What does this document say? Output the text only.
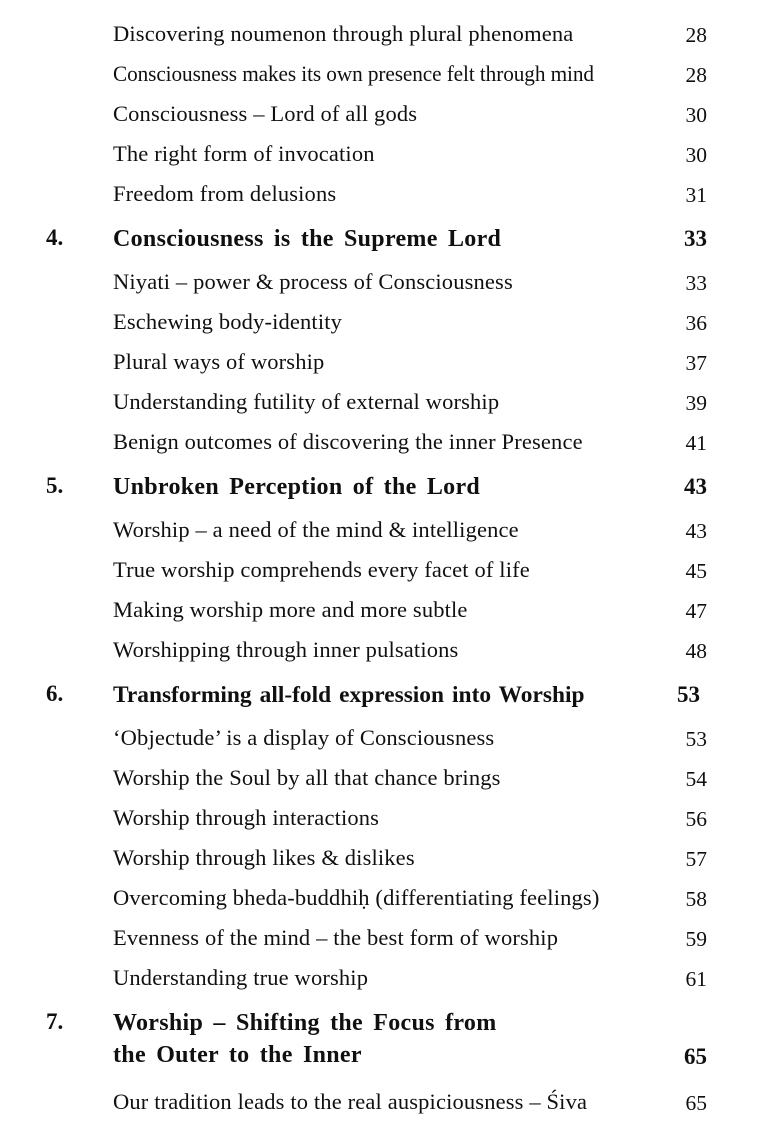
Discovering noumenon through plural phenomena	28
Consciousness makes its own presence felt through mind	28
Consciousness – Lord of all gods	30
The right form of invocation	30
Freedom from delusions	31
4. Consciousness is the Supreme Lord	33
Niyati – power & process of Consciousness	33
Eschewing body-identity	36
Plural ways of worship	37
Understanding futility of external worship	39
Benign outcomes of discovering the inner Presence	41
5. Unbroken Perception of the Lord	43
Worship – a need of the mind & intelligence	43
True worship comprehends every facet of life	45
Making worship more and more subtle	47
Worshipping through inner pulsations	48
6. Transforming all-fold expression into Worship	53
‘Objectude’ is a display of Consciousness	53
Worship the Soul by all that chance brings	54
Worship through interactions	56
Worship through likes & dislikes	57
Overcoming bheda-buddhiḥ (differentiating feelings)	58
Evenness of the mind – the best form of worship	59
Understanding true worship	61
7. Worship – Shifting the Focus from
the Outer to the Inner	65
Our tradition leads to the real auspiciousness – Śiva	65
